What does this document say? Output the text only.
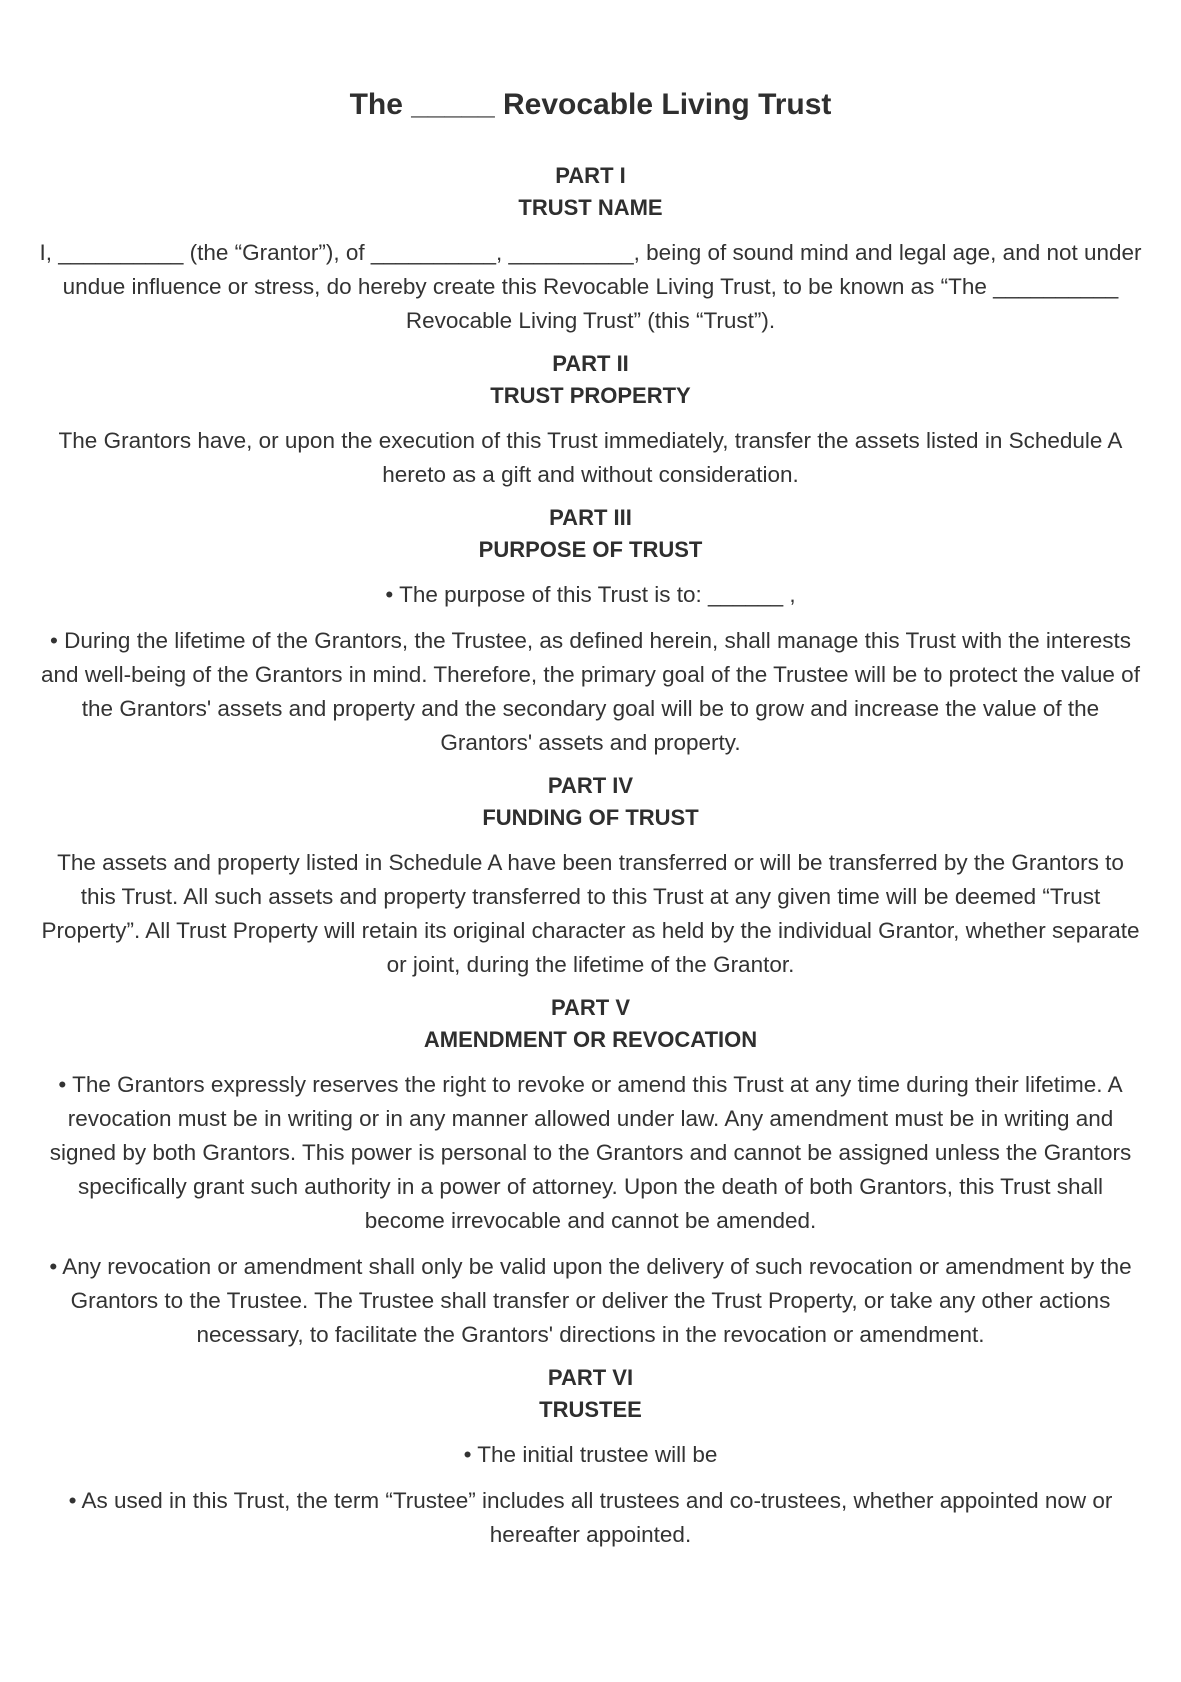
The _____ Revocable Living Trust
PART I
TRUST NAME

I, __________ (the “Grantor”), of __________, __________, being of sound mind and legal age, and not under undue influence or stress, do hereby create this Revocable Living Trust, to be known as “The __________ Revocable Living Trust” (this “Trust”).

PART II
TRUST PROPERTY

The Grantors have, or upon the execution of this Trust immediately, transfer the assets listed in Schedule A hereto as a gift and without consideration.

PART III
PURPOSE OF TRUST

• The purpose of this Trust is to: ______ ,

• During the lifetime of the Grantors, the Trustee, as defined herein, shall manage this Trust with the interests and well-being of the Grantors in mind. Therefore, the primary goal of the Trustee will be to protect the value of the Grantors' assets and property and the secondary goal will be to grow and increase the value of the Grantors' assets and property.

PART IV
FUNDING OF TRUST

The assets and property listed in Schedule A have been transferred or will be transferred by the Grantors to this Trust. All such assets and property transferred to this Trust at any given time will be deemed “Trust Property”. All Trust Property will retain its original character as held by the individual Grantor, whether separate or joint, during the lifetime of the Grantor.

PART V
AMENDMENT OR REVOCATION

• The Grantors expressly reserves the right to revoke or amend this Trust at any time during their lifetime. A revocation must be in writing or in any manner allowed under law. Any amendment must be in writing and signed by both Grantors. This power is personal to the Grantors and cannot be assigned unless the Grantors specifically grant such authority in a power of attorney. Upon the death of both Grantors, this Trust shall become irrevocable and cannot be amended.

• Any revocation or amendment shall only be valid upon the delivery of such revocation or amendment by the Grantors to the Trustee. The Trustee shall transfer or deliver the Trust Property, or take any other actions necessary, to facilitate the Grantors' directions in the revocation or amendment.

PART VI
TRUSTEE

• The initial trustee will be

• As used in this Trust, the term “Trustee” includes all trustees and co-trustees, whether appointed now or hereafter appointed.
